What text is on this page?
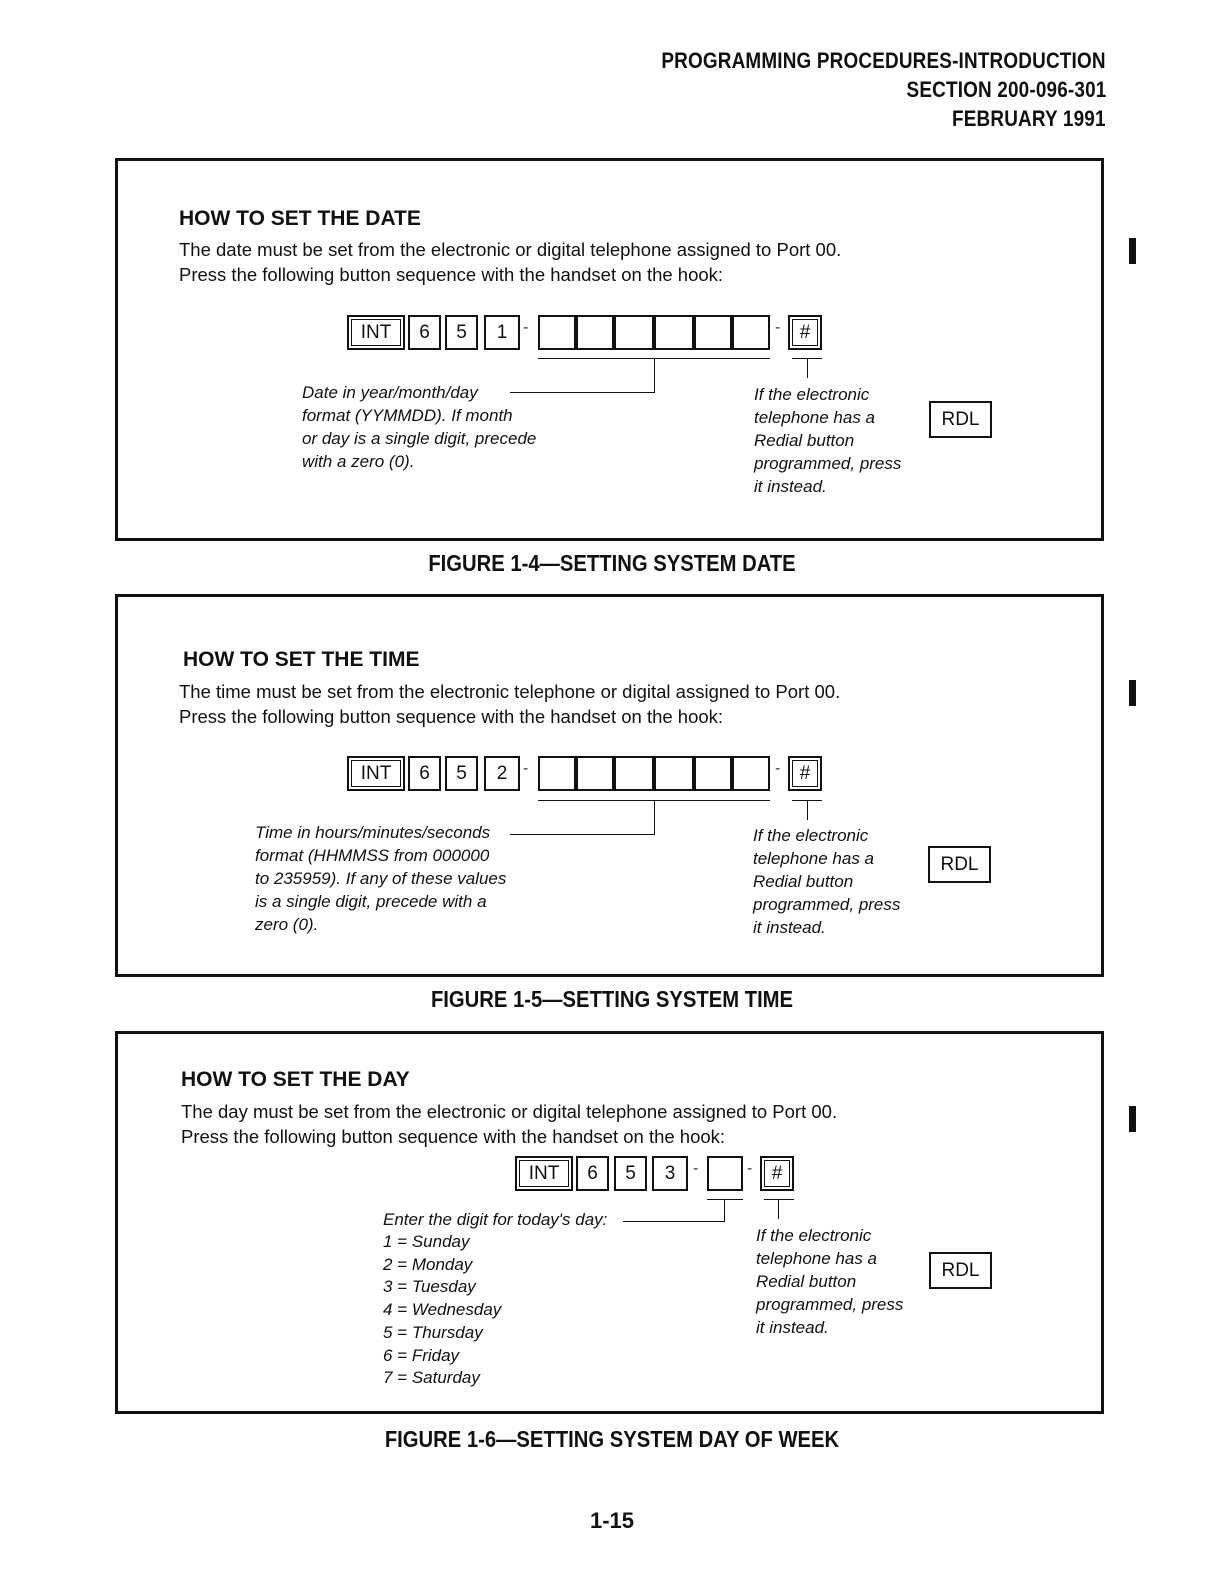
PROGRAMMING PROCEDURES-INTRODUCTION
SECTION 200-096-301
FEBRUARY 1991
HOW TO SET THE DATE
The date must be set from the electronic or digital telephone assigned to Port 00.
Press the following button sequence with the handset on the hook:
INT	6	5	1 -	-	#
Date in year/month/day
format (YYMMDD). If month
or day is a single digit, precede
with a zero (0).
If the electronic
telephone has a
Redial button
programmed, press
it instead.
RDL
FIGURE 1-4—SETTING SYSTEM DATE
HOW TO SET THE TIME
The time must be set from the electronic telephone or digital assigned to Port 00.
Press the following button sequence with the handset on the hook:
INT	6	5	2 -	-	#
Time in hours/minutes/seconds
format (HHMMSS from 000000
to 235959). If any of these values
is a single digit, precede with a
zero (0).
If the electronic
telephone has a
Redial button
programmed, press
it instead.
RDL
FIGURE 1-5—SETTING SYSTEM TIME
HOW TO SET THE DAY
The day must be set from the electronic or digital telephone assigned to Port 00.
Press the following button sequence with the handset on the hook:
INT	6	5	3	-	-	#
Enter the digit for today's day:
1 = Sunday
2 = Monday
3 = Tuesday
4 = Wednesday
5 = Thursday
6 = Friday
7 = Saturday
If the electronic
telephone has a
Redial button
programmed, press
it instead.
RDL
FIGURE 1-6—SETTING SYSTEM DAY OF WEEK
1-15
